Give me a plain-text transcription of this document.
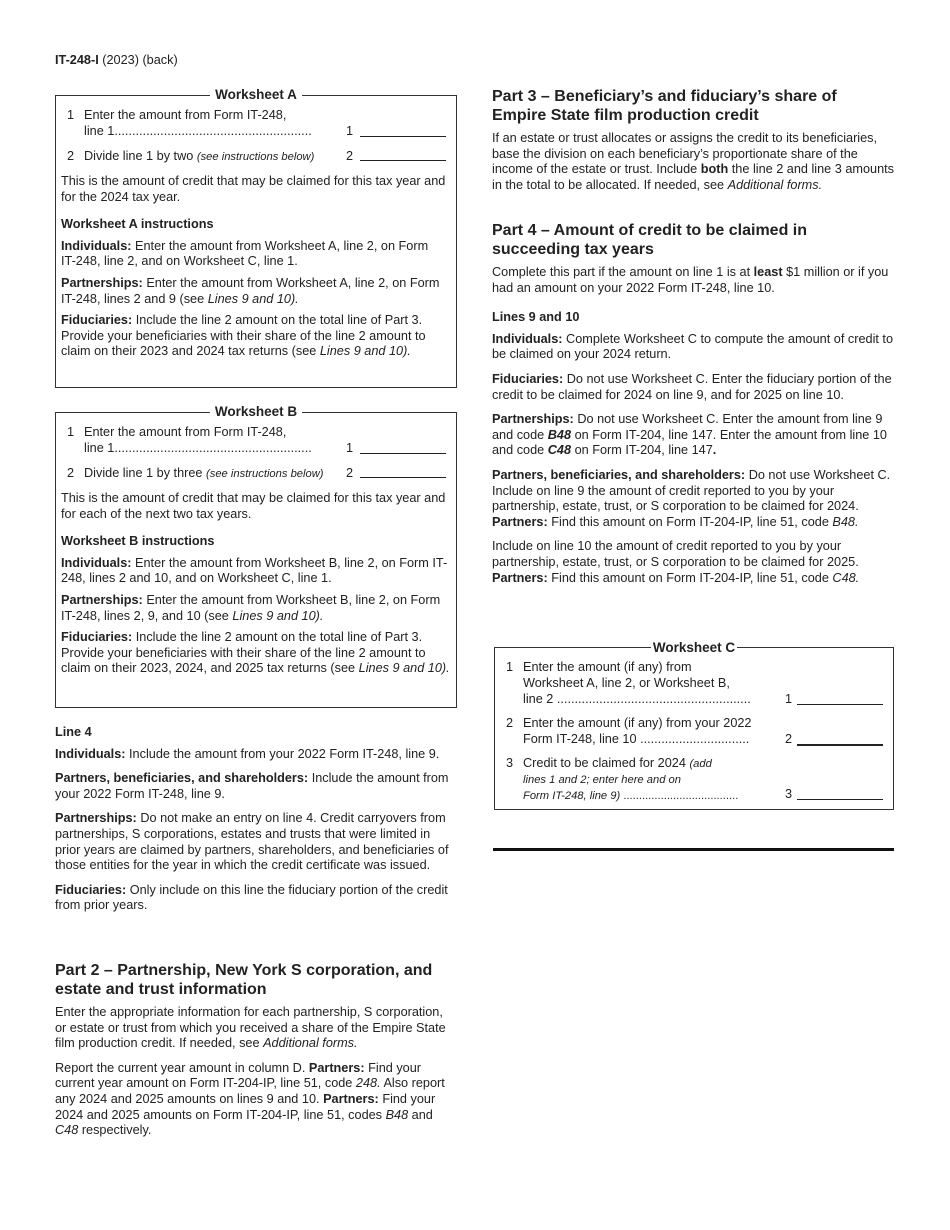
IT-248-I (2023) (back)
Worksheet A
1 Enter the amount from Form IT-248,
line 1........................................................	1
2 Divide line 1 by two (see instructions below) 2

This is the amount of credit that may be claimed for this tax year and for the 2024 tax year.

Worksheet A instructions

Individuals: Enter the amount from Worksheet A, line 2, on Form IT-248, line 2, and on Worksheet C, line 1.

Partnerships: Enter the amount from Worksheet A, line 2, on Form IT-248, lines 2 and 9 (see Lines 9 and 10).

Fiduciaries: Include the line 2 amount on the total line of Part 3. Provide your beneficiaries with their share of the line 2 amount to claim on their 2023 and 2024 tax returns (see Lines 9 and 10).

Worksheet B
1 Enter the amount from Form IT-248,
line 1........................................................	1
2 Divide line 1 by three (see instructions below) 2

This is the amount of credit that may be claimed for this tax year and for each of the next two tax years.

Worksheet B instructions

Individuals: Enter the amount from Worksheet B, line 2, on Form IT-248, lines 2 and 10, and on Worksheet C, line 1.

Partnerships: Enter the amount from Worksheet B, line 2, on Form IT-248, lines 2, 9, and 10 (see Lines 9 and 10).

Fiduciaries: Include the line 2 amount on the total line of Part 3. Provide your beneficiaries with their share of the line 2 amount to claim on their 2023, 2024, and 2025 tax returns (see Lines 9 and 10).

Line 4

Individuals: Include the amount from your 2022 Form IT-248, line 9.

Partners, beneficiaries, and shareholders: Include the amount from your 2022 Form IT-248, line 9.

Partnerships: Do not make an entry on line 4. Credit carryovers from partnerships, S corporations, estates and trusts that were limited in prior years are claimed by partners, shareholders, and beneficiaries of those entities for the year in which the credit certificate was issued.

Fiduciaries: Only include on this line the fiduciary portion of the credit from prior years.

Part 2 – Partnership, New York S corporation, and estate and trust information

Enter the appropriate information for each partnership, S corporation, or estate or trust from which you received a share of the Empire State film production credit. If needed, see Additional forms.

Report the current year amount in column D. Partners: Find your current year amount on Form IT-204-IP, line 51, code 248. Also report any 2024 and 2025 amounts on lines 9 and 10. Partners: Find your 2024 and 2025 amounts on Form IT-204-IP, line 51, codes B48 and C48 respectively.

Part 3 – Beneficiary’s and fiduciary’s share of Empire State film production credit

If an estate or trust allocates or assigns the credit to its beneficiaries, base the division on each beneficiary’s proportionate share of the income of the estate or trust. Include both the line 2 and line 3 amounts in the total to be allocated. If needed, see Additional forms.

Part 4 – Amount of credit to be claimed in succeeding tax years

Complete this part if the amount on line 1 is at least $1 million or if you had an amount on your 2022 Form IT-248, line 10.

Lines 9 and 10

Individuals: Complete Worksheet C to compute the amount of credit to be claimed on your 2024 return.

Fiduciaries: Do not use Worksheet C. Enter the fiduciary portion of the credit to be claimed for 2024 on line 9, and for 2025 on line 10.

Partnerships: Do not use Worksheet C. Enter the amount from line 9 and code B48 on Form IT-204, line 147. Enter the amount from line 10 and code C48 on Form IT-204, line 147.

Partners, beneficiaries, and shareholders: Do not use Worksheet C. Include on line 9 the amount of credit reported to you by your partnership, estate, trust, or S corporation to be claimed for 2024. Partners: Find this amount on Form IT-204-IP, line 51, code B48.

Include on line 10 the amount of credit reported to you by your partnership, estate, trust, or S corporation to be claimed for 2025. Partners: Find this amount on Form IT-204-IP, line 51, code C48.

Worksheet C
1 Enter the amount (if any) from
Worksheet A, line 2, or Worksheet B,
line 2 .......................................................	1
2 Enter the amount (if any) from your 2022
Form IT-248, line 10 ...............................	2
3 Credit to be claimed for 2024 (add
lines 1 and 2; enter here and on
Form IT-248, line 9) .....................................	3
